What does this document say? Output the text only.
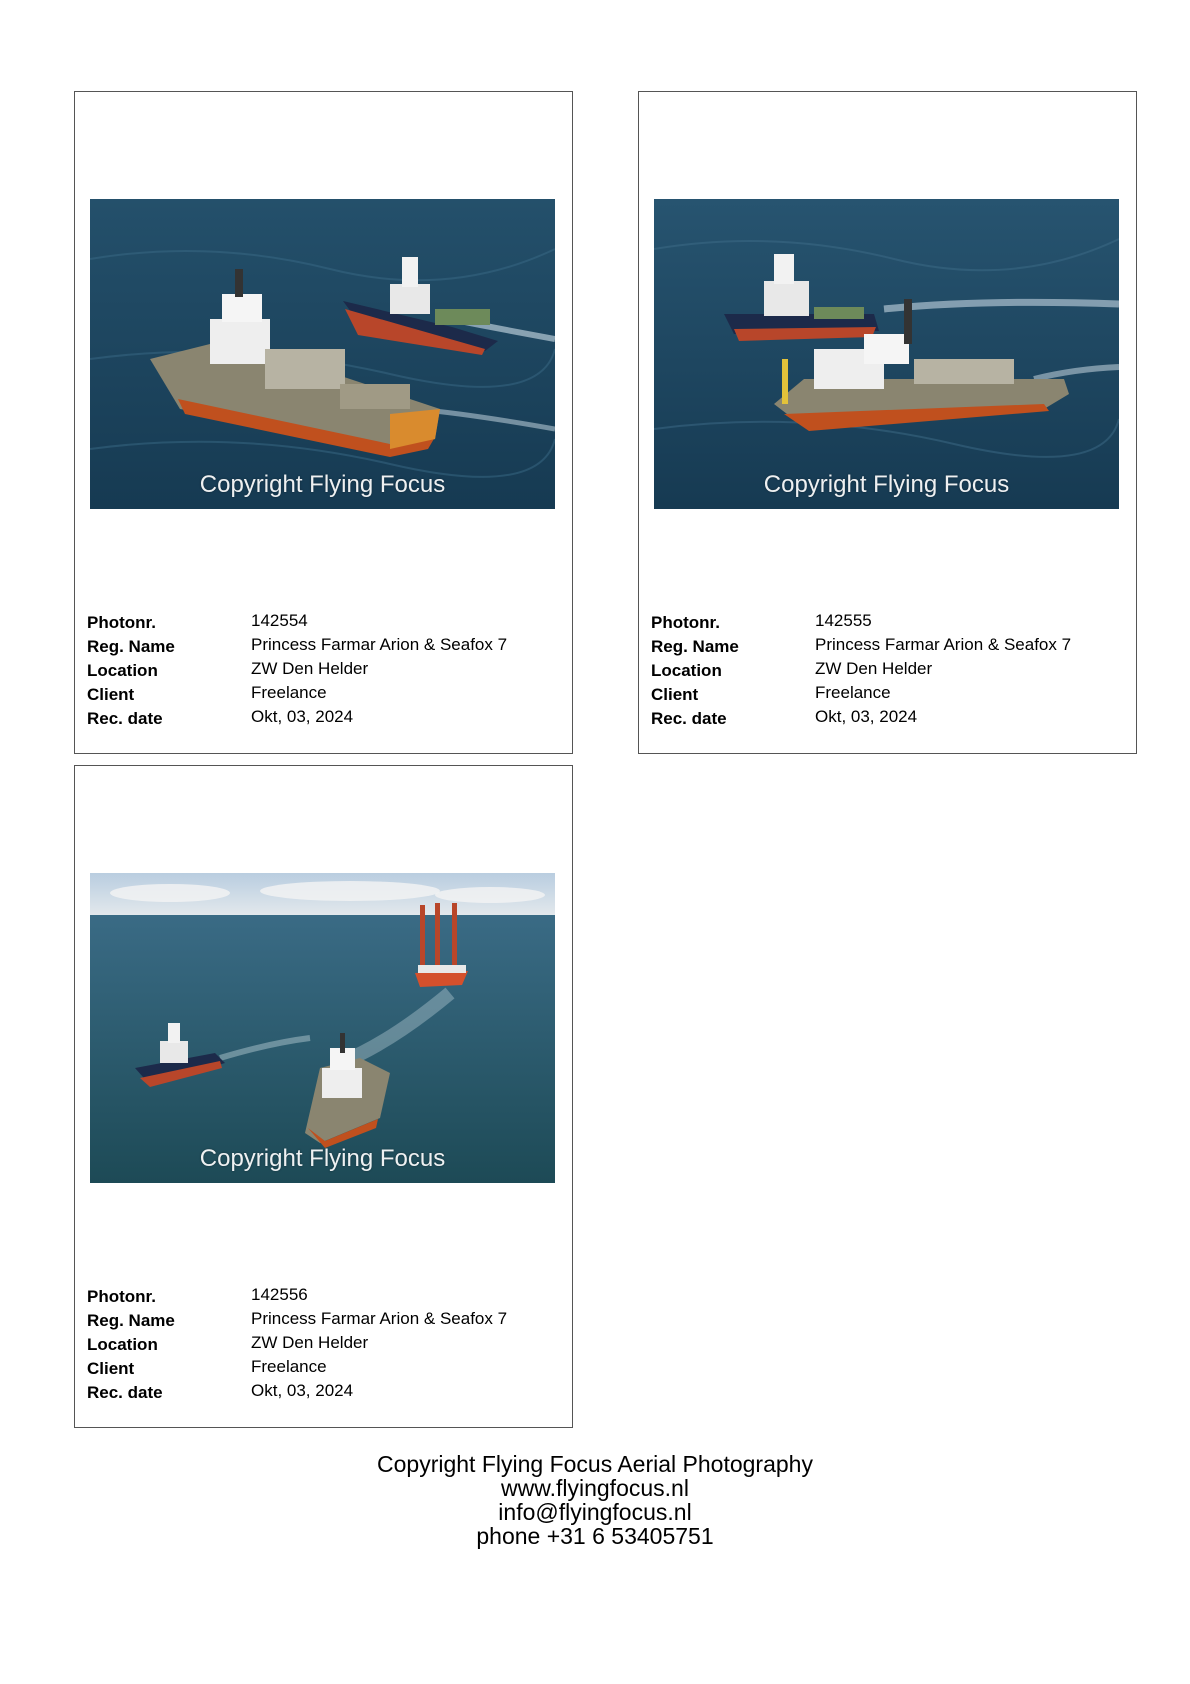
Copyright Flying Focus
Photonr.	142554
Reg. Name	Princess Farmar Arion & Seafox 7
Location	ZW Den Helder
Client	Freelance
Rec. date	Okt, 03, 2024
Copyright Flying Focus
Photonr.	142555
Reg. Name	Princess Farmar Arion & Seafox 7
Location	ZW Den Helder
Client	Freelance
Rec. date	Okt, 03, 2024
Copyright Flying Focus
Photonr.	142556
Reg. Name	Princess Farmar Arion & Seafox 7
Location	ZW Den Helder
Client	Freelance
Rec. date	Okt, 03, 2024
Copyright Flying Focus Aerial Photography
www.flyingfocus.nl
info@flyingfocus.nl
phone +31 6 53405751
